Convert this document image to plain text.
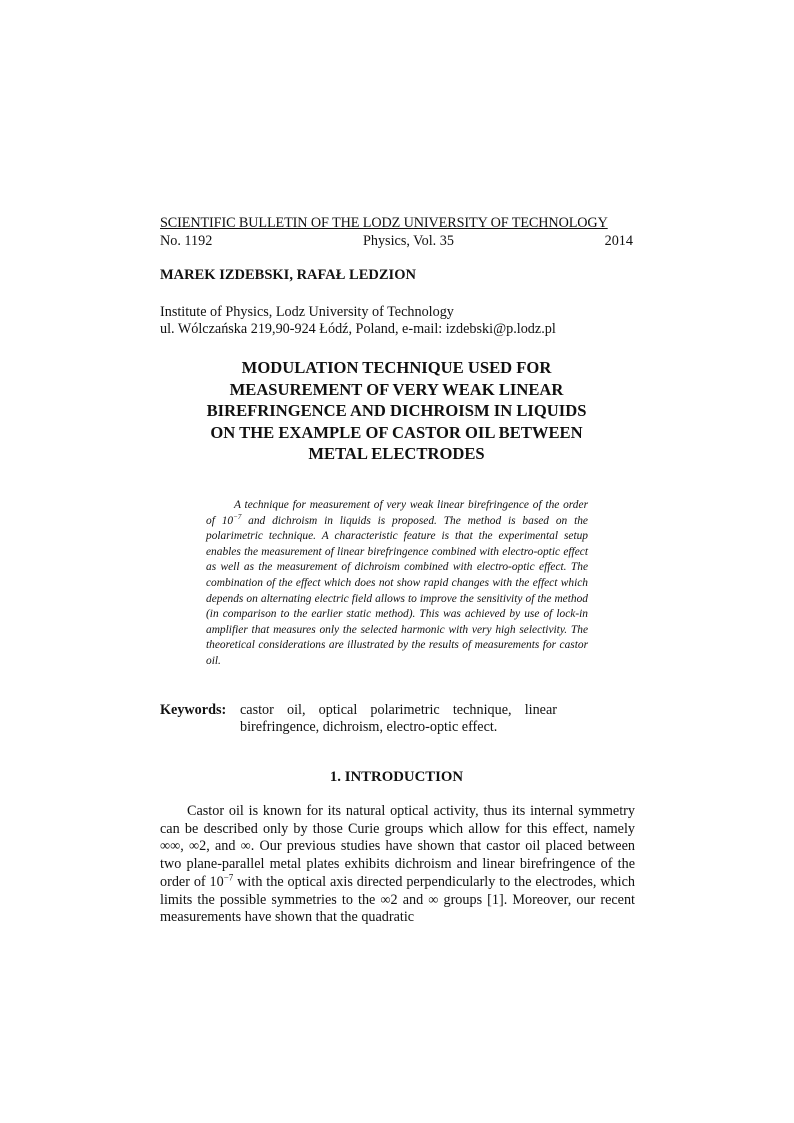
SCIENTIFIC BULLETIN OF THE LODZ UNIVERSITY OF TECHNOLOGY
No. 1192	Physics, Vol. 35	2014
MAREK IZDEBSKI, RAFAŁ LEDZION
Institute of Physics, Lodz University of Technology
ul. Wólczańska 219,90-924 Łódź, Poland, e-mail: izdebski@p.lodz.pl
MODULATION TECHNIQUE USED FOR
MEASUREMENT OF VERY WEAK LINEAR
BIREFRINGENCE AND DICHROISM IN LIQUIDS
ON THE EXAMPLE OF CASTOR OIL BETWEEN
METAL ELECTRODES
A technique for measurement of very weak linear birefringence of the order of $10^{-7}$ and dichroism in liquids is proposed. The method is based on the polarimetric technique. A characteristic feature is that the experimental setup enables the measurement of linear birefringence combined with electro-optic effect as well as the measurement of dichroism combined with electro-optic effect. The combination of the effect which does not show rapid changes with the effect which depends on alternating electric field allows to improve the sensitivity of the method (in comparison to the earlier static method). This was achieved by use of lock-in amplifier that measures only the selected harmonic with very high selectivity. The theoretical considerations are illustrated by the results of measurements for castor oil.
Keywords: castor oil, optical polarimetric technique, linear
birefringence, dichroism, electro-optic effect.
1. INTRODUCTION
Castor oil is known for its natural optical activity, thus its internal symmetry can be described only by those Curie groups which allow for this effect, namely ∞∞, ∞2, and ∞. Our previous studies have shown that castor oil placed between two plane-parallel metal plates exhibits dichroism and linear birefringence of the order of $10^{-7}$ with the optical axis directed perpendicularly to the electrodes, which limits the possible symmetries to the ∞2 and ∞ groups [1]. Moreover, our recent measurements have shown that the quadratic
